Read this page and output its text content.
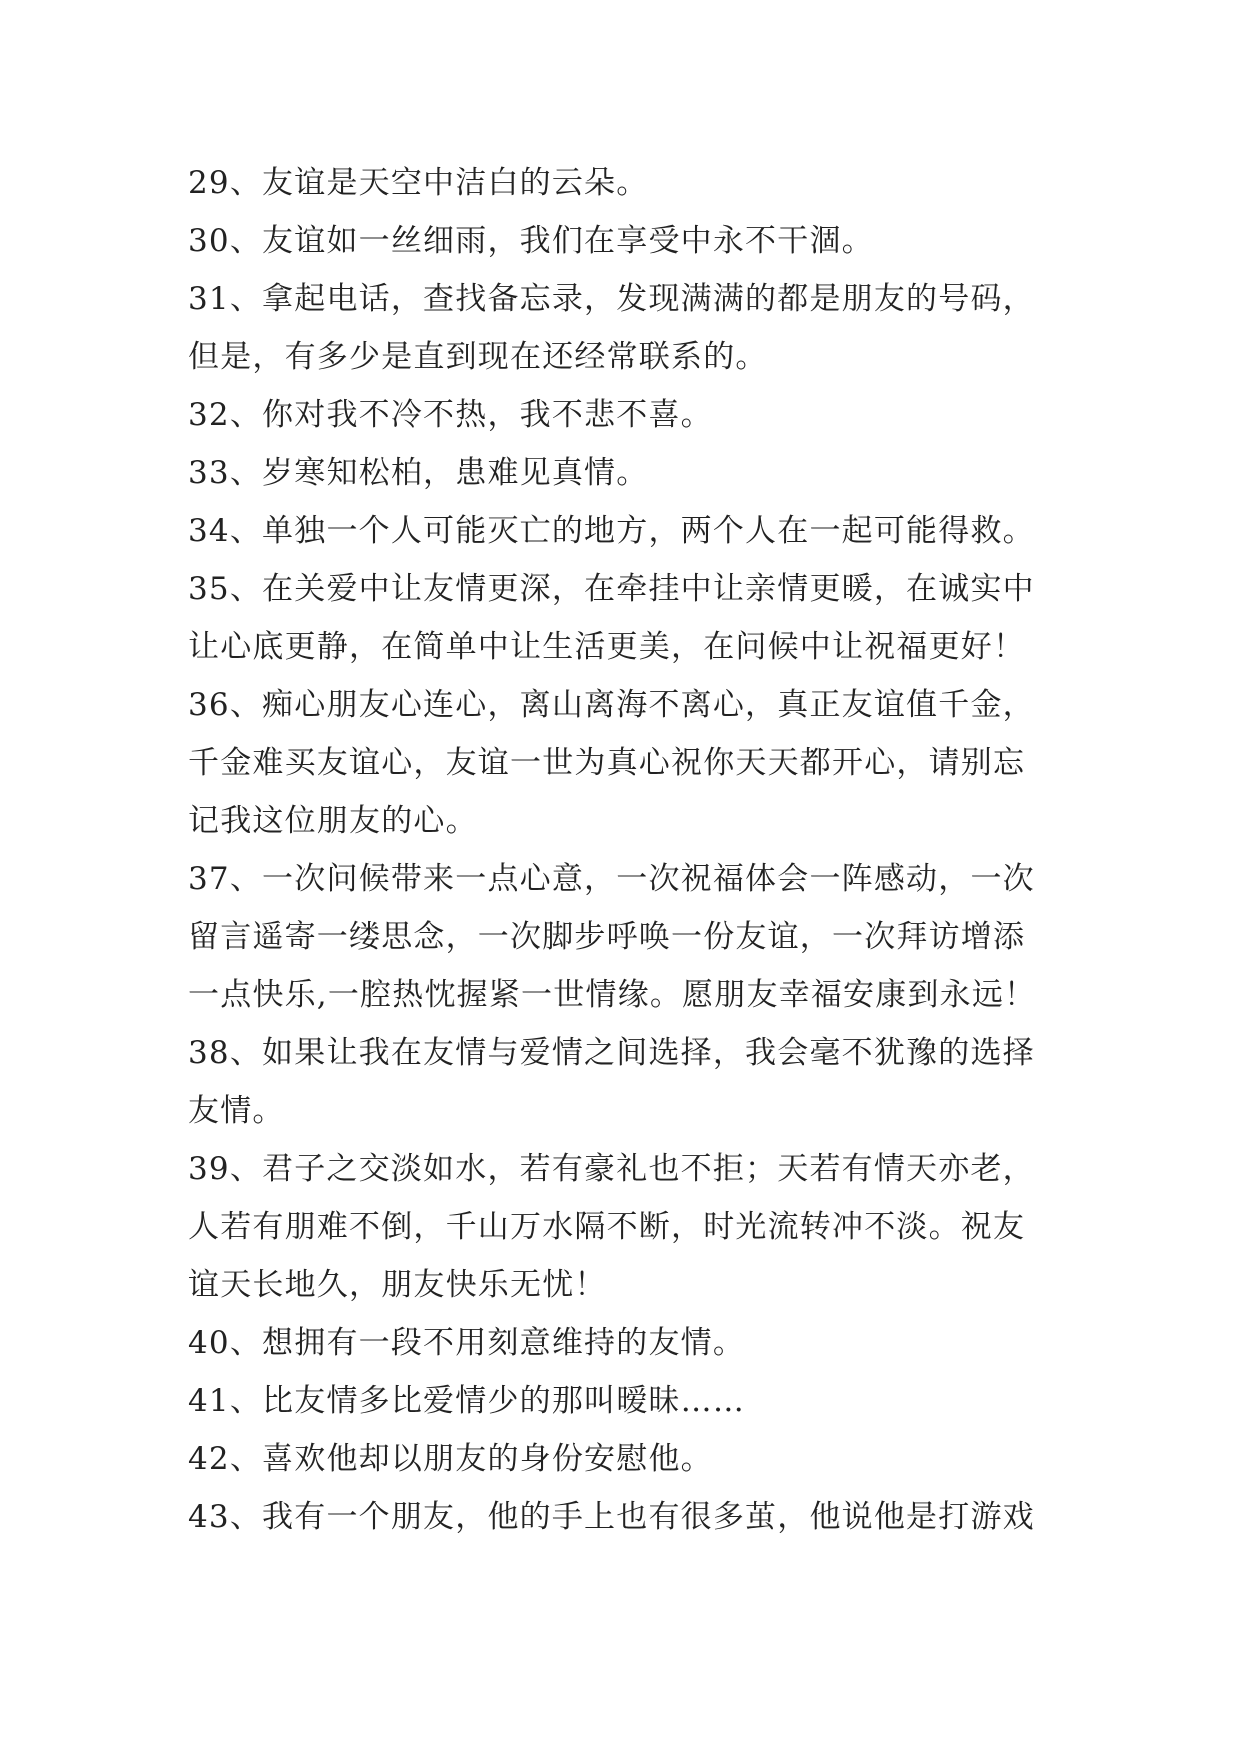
29、友谊是天空中洁白的云朵。
30、友谊如一丝细雨，我们在享受中永不干涸。
31、拿起电话，查找备忘录，发现满满的都是朋友的号码，
但是，有多少是直到现在还经常联系的。
32、你对我不冷不热，我不悲不喜。
33、岁寒知松柏，患难见真情。
34、单独一个人可能灭亡的地方，两个人在一起可能得救。
35、在关爱中让友情更深，在牵挂中让亲情更暖，在诚实中
让心底更静，在简单中让生活更美，在问候中让祝福更好！
36、痴心朋友心连心，离山离海不离心，真正友谊值千金，
千金难买友谊心，友谊一世为真心祝你天天都开心，请别忘
记我这位朋友的心。
37、一次问候带来一点心意，一次祝福体会一阵感动，一次
留言遥寄一缕思念，一次脚步呼唤一份友谊，一次拜访增添
一点快乐,一腔热忱握紧一世情缘。愿朋友幸福安康到永远！
38、如果让我在友情与爱情之间选择，我会毫不犹豫的选择
友情。
39、君子之交淡如水，若有豪礼也不拒；天若有情天亦老，
人若有朋难不倒，千山万水隔不断，时光流转冲不淡。祝友
谊天长地久，朋友快乐无忧！
40、想拥有一段不用刻意维持的友情。
41、比友情多比爱情少的那叫暧昧……
42、喜欢他却以朋友的身份安慰他。
43、我有一个朋友，他的手上也有很多茧，他说他是打游戏
